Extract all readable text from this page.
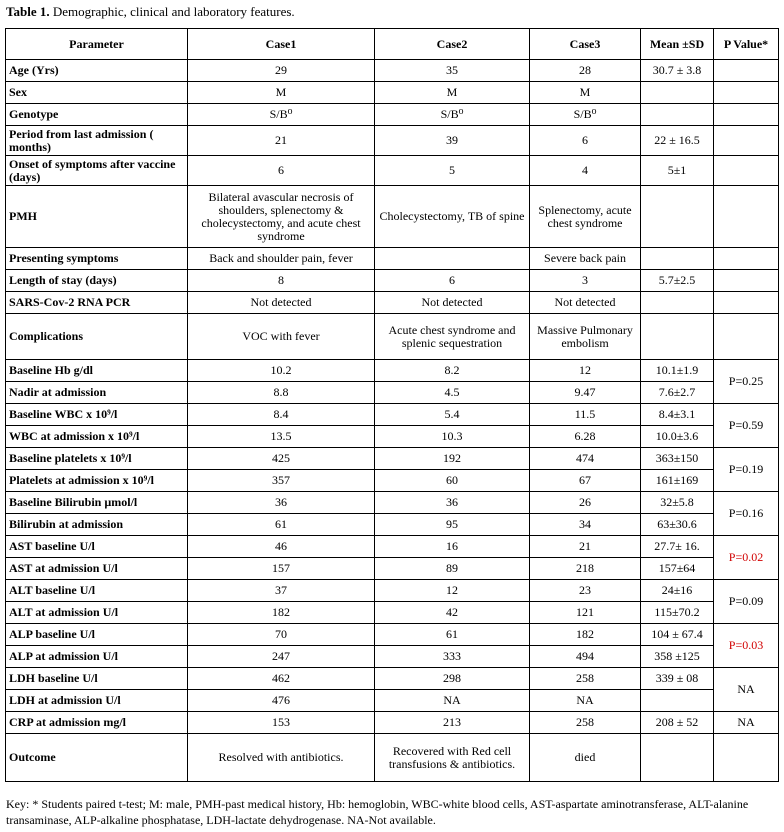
Table 1. Demographic, clinical and laboratory features.
Parameter	Case1	Case2	Case3	Mean ±SD	P Value*
Age (Yrs)	29	35	28	30.7 ± 3.8	
Sex	M	M	M		
Genotype	S/B⁰	S/B⁰	S/B⁰		
Period from last admission ( months)	21	39	6	22 ± 16.5	
Onset of symptoms after vaccine (days)	6	5	4	5±1	
PMH	Bilateral avascular necrosis of shoulders, splenectomy & cholecystectomy, and acute chest syndrome	Cholecystectomy, TB of spine	Splenectomy, acute chest syndrome		
Presenting symptoms	Back and shoulder pain, fever		Severe back pain		
Length of stay (days)	8	6	3	5.7±2.5	
SARS-Cov-2 RNA PCR	Not detected	Not detected	Not detected		
Complications	VOC with fever	Acute chest syndrome and splenic sequestration	Massive Pulmonary embolism		
Baseline Hb g/dl	10.2	8.2	12	10.1±1.9	P=0.25
Nadir at admission	8.8	4.5	9.47	7.6±2.7	
Baseline WBC x 10⁹/l	8.4	5.4	11.5	8.4±3.1	P=0.59
WBC at admission x 10⁹/l	13.5	10.3	6.28	10.0±3.6	
Baseline platelets x 10⁹/l	425	192	474	363±150	P=0.19
Platelets at admission x 10⁹/l	357	60	67	161±169	
Baseline Bilirubin µmol/l	36	36	26	32±5.8	P=0.16
Bilirubin at admission	61	95	34	63±30.6	
AST baseline U/l	46	16	21	27.7± 16.	P=0.02
AST at admission U/l	157	89	218	157±64	
ALT baseline U/l	37	12	23	24±16	P=0.09
ALT at admission U/l	182	42	121	115±70.2	
ALP baseline U/l	70	61	182	104 ± 67.4	P=0.03
ALP at admission U/l	247	333	494	358 ±125	
LDH baseline U/l	462	298	258	339 ± 08	NA
LDH at admission U/l	476	NA	NA		
CRP at admission mg/l	153	213	258	208 ± 52	NA
Outcome	Resolved with antibiotics.	Recovered with Red cell transfusions & antibiotics.	died		
Key: * Students paired t-test; M: male, PMH-past medical history, Hb: hemoglobin, WBC-white blood cells, AST-aspartate aminotransferase, ALT-alanine transaminase, ALP-alkaline phosphatase, LDH-lactate dehydrogenase. NA-Not available.
